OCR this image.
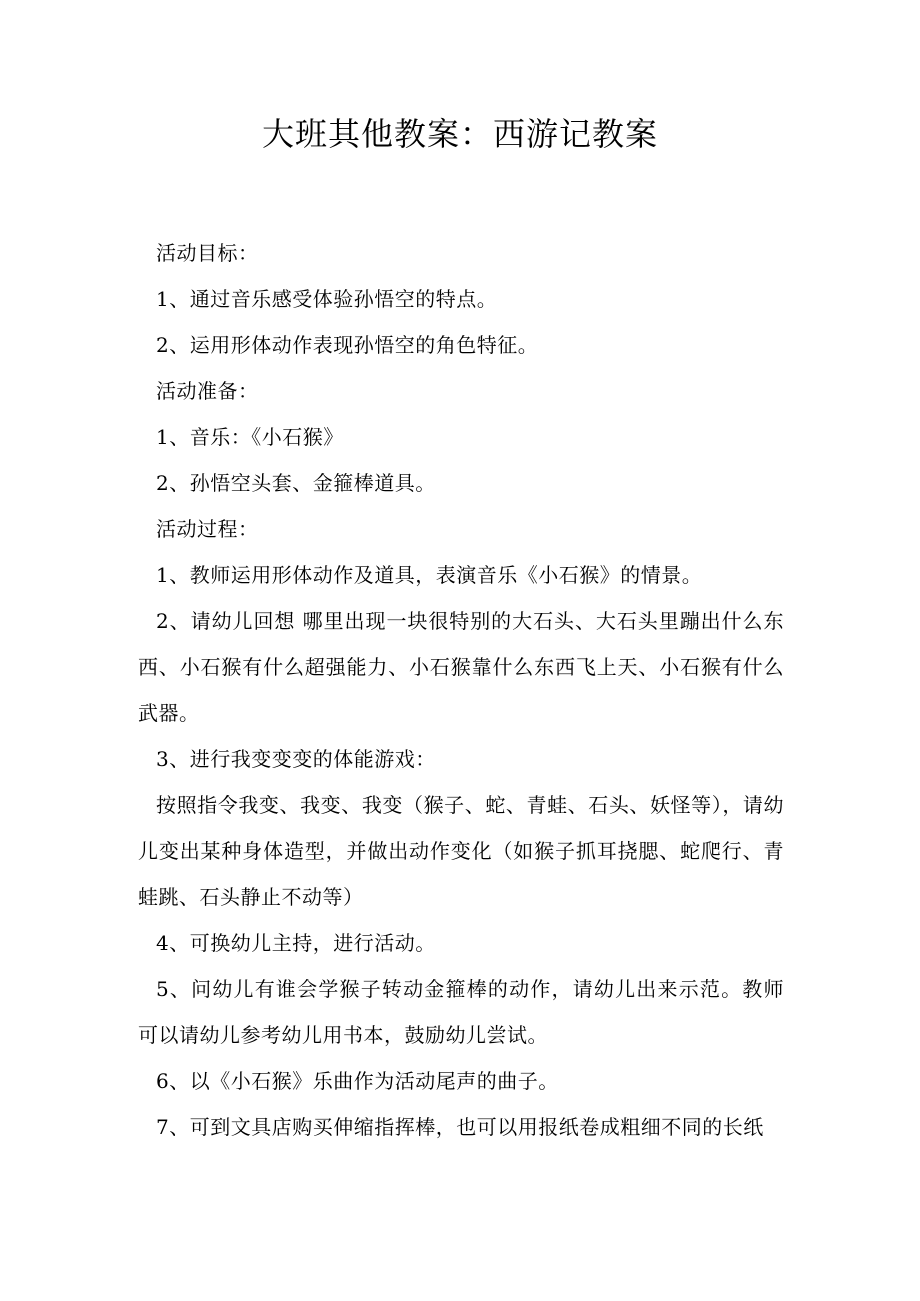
大班其他教案：西游记教案

活动目标：

1、通过音乐感受体验孙悟空的特点。

2、运用形体动作表现孙悟空的角色特征。

活动准备：

1、音乐：《小石猴》

2、孙悟空头套、金箍棒道具。

活动过程：

1、教师运用形体动作及道具，表演音乐《小石猴》的情景。

2、请幼儿回想 哪里出现一块很特别的大石头、大石头里蹦出什么东西、小石猴有什么超强能力、小石猴靠什么东西飞上天、小石猴有什么武器。

3、进行我变变变的体能游戏：

按照指令我变、我变、我变（猴子、蛇、青蛙、石头、妖怪等），请幼儿变出某种身体造型，并做出动作变化（如猴子抓耳挠腮、蛇爬行、青蛙跳、石头静止不动等）

4、可换幼儿主持，进行活动。

5、问幼儿有谁会学猴子转动金箍棒的动作，请幼儿出来示范。教师可以请幼儿参考幼儿用书本，鼓励幼儿尝试。

6、以《小石猴》乐曲作为活动尾声的曲子。

7、可到文具店购买伸缩指挥棒，也可以用报纸卷成粗细不同的长纸
